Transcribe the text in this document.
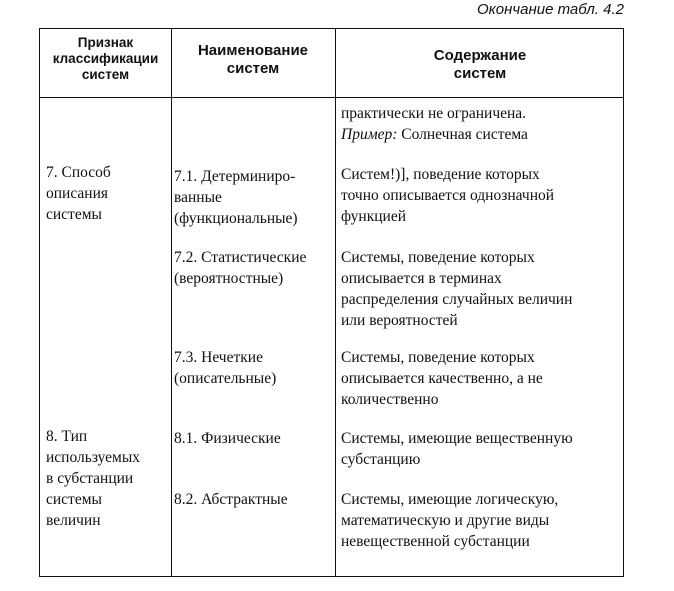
Окончание табл. 4.2
Признак
классификации
систем
Наименование
систем
Содержание
систем
практически не ограничена.
Пример: Солнечная система
7. Способ
описания
системы
7.1. Детерминиро-
ванные
(функциональные)
Систем!)], поведение которых
точно описывается однозначной
функцией
7.2. Статистические
(вероятностные)
Системы, поведение которых
описывается в терминах
распределения случайных величин
или вероятностей
7.3. Нечеткие
(описательные)
Системы, поведение которых
описывается качественно, а не
количественно
8. Тип
используемых
в субстанции
системы
величин
8.1. Физические	Системы, имеющие вещественную
субстанцию
8.2. Абстрактные	Системы, имеющие логическую,
математическую и другие виды
невещественной субстанции
